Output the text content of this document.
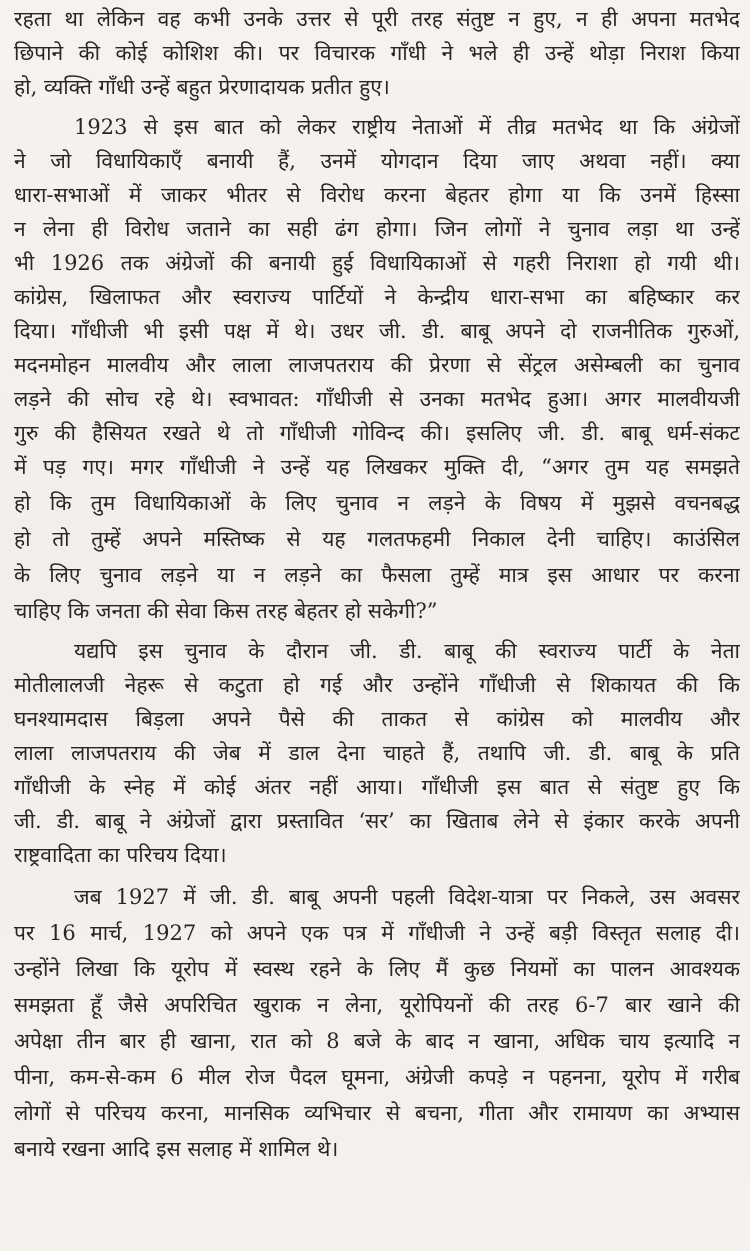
रहता था लेकिन वह कभी उनके उत्तर से पूरी तरह संतुष्ट न हुए, न ही अपना मतभेद
छिपाने की कोई कोशिश की। पर विचारक गाँधी ने भले ही उन्हें थोड़ा निराश किया
हो, व्यक्ति गाँधी उन्हें बहुत प्रेरणादायक प्रतीत हुए।
1923 से इस बात को लेकर राष्ट्रीय नेताओं में तीव्र मतभेद था कि अंग्रेजों
ने जो विधायिकाएँ बनायी हैं, उनमें योगदान दिया जाए अथवा नहीं। क्या
धारा-सभाओं में जाकर भीतर से विरोध करना बेहतर होगा या कि उनमें हिस्सा
न लेना ही विरोध जताने का सही ढंग होगा। जिन लोगों ने चुनाव लड़ा था उन्हें
भी 1926 तक अंग्रेजों की बनायी हुई विधायिकाओं से गहरी निराशा हो गयी थी।
कांग्रेस, खिलाफत और स्वराज्य पार्टियों ने केन्द्रीय धारा-सभा का बहिष्कार कर
दिया। गाँधीजी भी इसी पक्ष में थे। उधर जी. डी. बाबू अपने दो राजनीतिक गुरुओं,
मदनमोहन मालवीय और लाला लाजपतराय की प्रेरणा से सेंट्रल असेम्बली का चुनाव
लड़ने की सोच रहे थे। स्वभावत: गाँधीजी से उनका मतभेद हुआ। अगर मालवीयजी
गुरु की हैसियत रखते थे तो गाँधीजी गोविन्द की। इसलिए जी. डी. बाबू धर्म-संकट
में पड़ गए। मगर गाँधीजी ने उन्हें यह लिखकर मुक्ति दी, “अगर तुम यह समझते
हो कि तुम विधायिकाओं के लिए चुनाव न लड़ने के विषय में मुझसे वचनबद्ध
हो तो तुम्हें अपने मस्तिष्क से यह गलतफहमी निकाल देनी चाहिए। काउंसिल
के लिए चुनाव लड़ने या न लड़ने का फैसला तुम्हें मात्र इस आधार पर करना
चाहिए कि जनता की सेवा किस तरह बेहतर हो सकेगी?”
यद्यपि इस चुनाव के दौरान जी. डी. बाबू की स्वराज्य पार्टी के नेता
मोतीलालजी नेहरू से कटुता हो गई और उन्होंने गाँधीजी से शिकायत की कि
घनश्यामदास बिड़ला अपने पैसे की ताकत से कांग्रेस को मालवीय और
लाला लाजपतराय की जेब में डाल देना चाहते हैं, तथापि जी. डी. बाबू के प्रति
गाँधीजी के स्नेह में कोई अंतर नहीं आया। गाँधीजी इस बात से संतुष्ट हुए कि
जी. डी. बाबू ने अंग्रेजों द्वारा प्रस्तावित ‘सर’ का खिताब लेने से इंकार करके अपनी
राष्ट्रवादिता का परिचय दिया।
जब 1927 में जी. डी. बाबू अपनी पहली विदेश-यात्रा पर निकले, उस अवसर
पर 16 मार्च, 1927 को अपने एक पत्र में गाँधीजी ने उन्हें बड़ी विस्तृत सलाह दी।
उन्होंने लिखा कि यूरोप में स्वस्थ रहने के लिए मैं कुछ नियमों का पालन आवश्यक
समझता हूँ जैसे अपरिचित खुराक न लेना, यूरोपियनों की तरह 6-7 बार खाने की
अपेक्षा तीन बार ही खाना, रात को 8 बजे के बाद न खाना, अधिक चाय इत्यादि न
पीना, कम-से-कम 6 मील रोज पैदल घूमना, अंग्रेजी कपड़े न पहनना, यूरोप में गरीब
लोगों से परिचय करना, मानसिक व्यभिचार से बचना, गीता और रामायण का अभ्यास
बनाये रखना आदि इस सलाह में शामिल थे।
